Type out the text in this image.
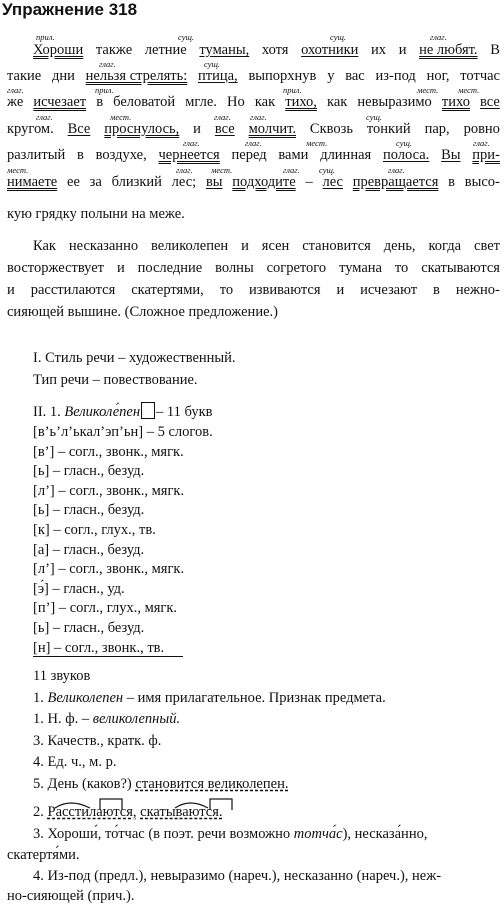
Упражнение 318
прил.	сущ.	сущ.	глаг.
глаг.	сущ.
глаг.	прил.	прил.	мест. мест.
глаг.	мест.	глаг. глаг.	сущ.
глаг.	глаг.	мест.	сущ.	глаг.
мест.	глаг. мест.	глаг. сущ.	глаг.
Хороши также летние туманы, хотя охотники их и не любят. В
такие дни нельзя стрелять: птица, выпорхнув у вас из-под ног, тотчас
же исчезает в беловатой мгле. Но как тихо, как невыразимо тихо все
кругом. Все проснулось, и все молчит. Сквозь тонкий пар, ровно
разлитый в воздухе, чернеется перед вами длинная полоса. Вы при-
нимаете ее за близкий лес; вы подходите – лес превращается в высо-
кую грядку полыни на меже.
Как несказанно великолепен и ясен становится день, когда свет
восторжествует и последние волны согретого тумана то скатываются
и расстилаются скатертями, то извиваются и исчезают в нежно-
сияющей вышине. (Сложное предложение.)
I. Стиль речи – художественный.
Тип речи – повествование.
II. 1. Великоле́пен – 11 букв
[в’ь’л’ькал’эп’ьн] – 5 слогов.
[в’] – согл., звонк., мягк.
[ь] – гласн., безуд.
[л’] – согл., звонк., мягк.
[ь] – гласн., безуд.
[к] – согл., глух., тв.
[а] – гласн., безуд.
[л’] – согл., звонк., мягк.
[э́] – гласн., уд.
[п’] – согл., глух., мягк.
[ь] – гласн., безуд.
[н] – согл., звонк., тв.
11 звуков
1. Великолепен – имя прилагательное. Признак предмета.
1. Н. ф. – великолепный.
3. Качеств., кратк. ф.
4. Ед. ч., м. р.
5. День (каков?) становится великолепен.
2. Расстилаются, скатываются.
3. Хороши́, то́тчас (в поэт. речи возможно тотча́с), несказа́нно,
скатертя́ми.
4. Из-под (предл.), невыразимо (нареч.), несказанно (нареч.), неж-
но-сияющей (прич.).
